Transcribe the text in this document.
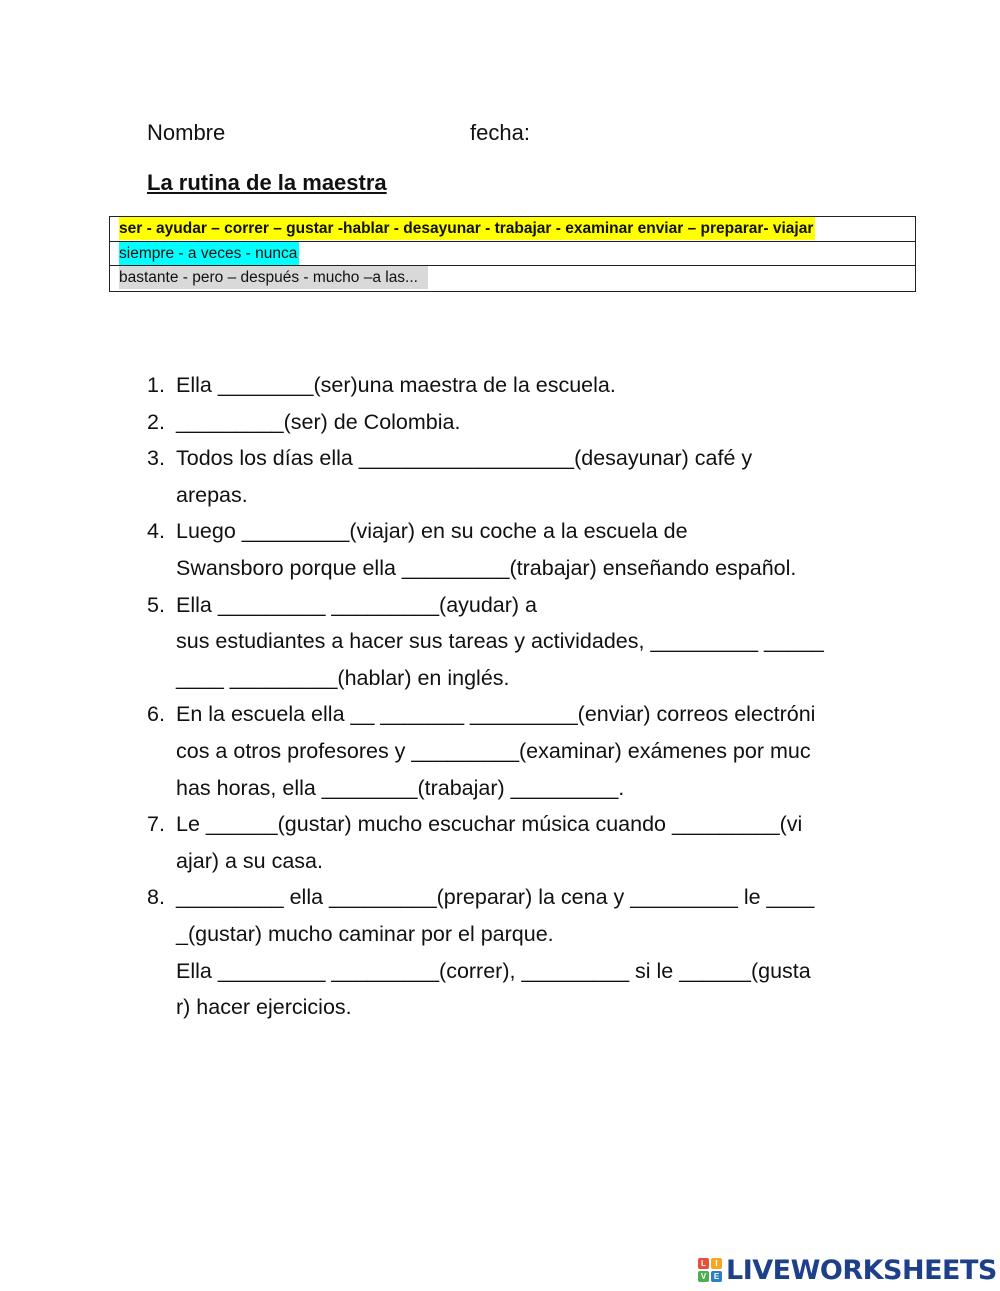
Nombre	fecha:
La rutina de la maestra
ser - ayudar – correr – gustar -hablar - desayunar - trabajar - examinar enviar – preparar- viajar
siempre - a veces - nunca
bastante - pero – después - mucho –a las...
1. Ella ________(ser)una maestra de la escuela.
2. _________(ser) de Colombia.
3. Todos los días ella __________________(desayunar) café y
arepas.
4. Luego _________(viajar) en su coche a la escuela de
Swansboro porque ella _________(trabajar) enseñando español.
5. Ella _________ _________(ayudar) a
sus estudiantes a hacer sus tareas y actividades, _________ _____
____ _________(hablar) en inglés.
6. En la escuela ella __ _______ _________(enviar) correos electróni
cos a otros profesores y _________(examinar) exámenes por muc
has horas, ella ________(trabajar) _________.
7. Le ______(gustar) mucho escuchar música cuando _________(vi
ajar) a su casa.
8. _________ ella _________(preparar) la cena y _________ le ____
_(gustar) mucho caminar por el parque.
Ella _________ _________(correr), _________ si le ______(gusta
r) hacer ejercicios.
L	I
V E LIVEWORKSHEETS
